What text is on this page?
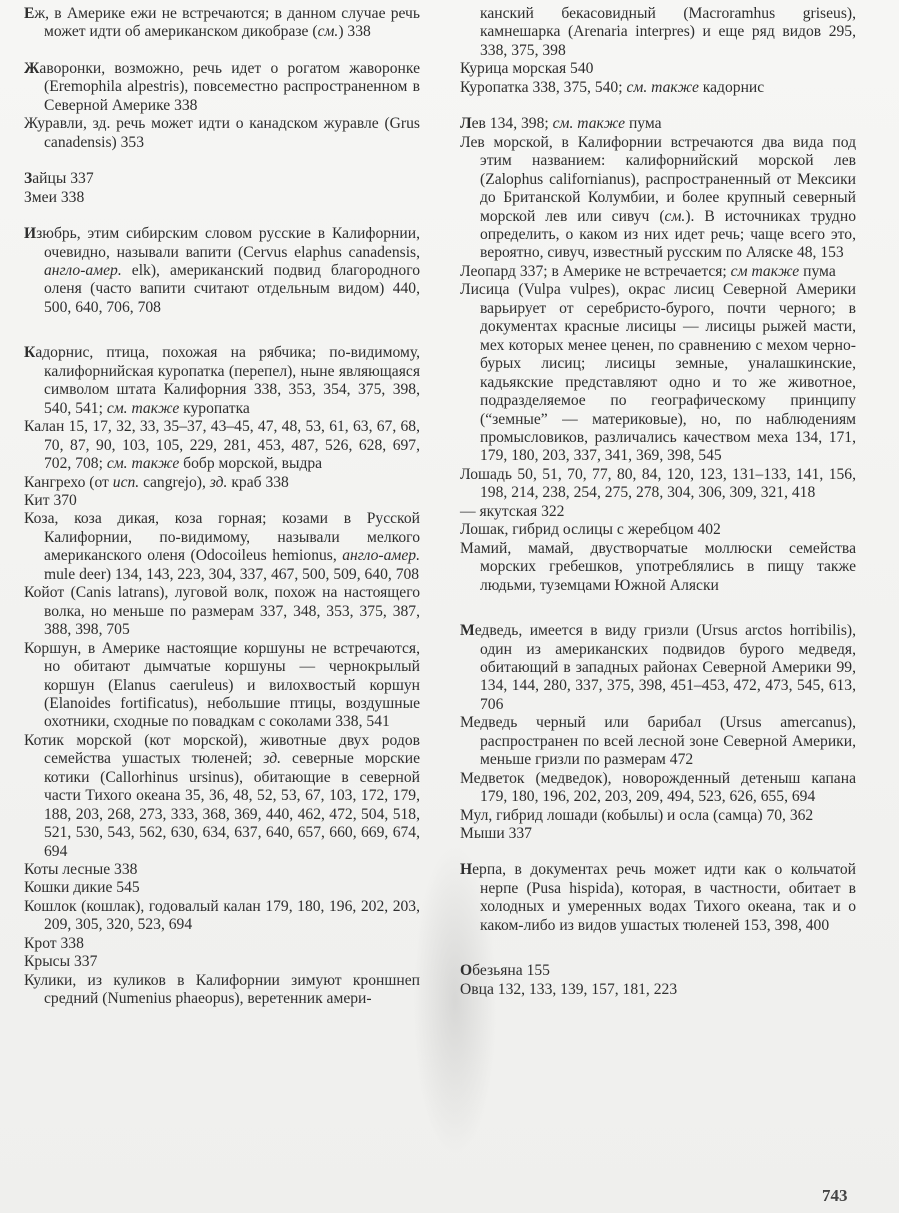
Еж, в Америке ежи не встречаются; в данном случае речь может идти об американском дикобразе (см.) 338
Жаворонки, возможно, речь идет о рогатом жаворонке (Eremophila alpestris), повсеместно распространенном в Северной Америке 338
Журавли, зд. речь может идти о канадском журавле (Grus canadensis) 353
Зайцы 337
Змеи 338
Изюбрь, этим сибирским словом русские в Калифорнии, очевидно, называли вапити (Cervus elaphus canadensis, англо-амер. elk), американский подвид благородного оленя (часто вапити считают отдельным видом) 440, 500, 640, 706, 708
Кадорнис, птица, похожая на рябчика; по-видимому, калифорнийская куропатка (перепел), ныне являющаяся символом штата Калифорния 338, 353, 354, 375, 398, 540, 541; см. также куропатка
Калан 15, 17, 32, 33, 35–37, 43–45, 47, 48, 53, 61, 63, 67, 68, 70, 87, 90, 103, 105, 229, 281, 453, 487, 526, 628, 697, 702, 708; см. также бобр морской, выдра
Кангрехо (от исп. cangrejo), зд. краб 338
Кит 370
Коза, коза дикая, коза горная; козами в Русской Калифорнии, по-видимому, называли мелкого американского оленя (Odocoileus hemionus, англо-амер. mule deer) 134, 143, 223, 304, 337, 467, 500, 509, 640, 708
Койот (Canis latrans), луговой волк, похож на настоящего волка, но меньше по размерам 337, 348, 353, 375, 387, 388, 398, 705
Коршун, в Америке настоящие коршуны не встречаются, но обитают дымчатые коршуны — чернокрылый коршун (Elanus caeruleus) и вилохвостый коршун (Elanoides fortificatus), небольшие птицы, воздушные охотники, сходные по повадкам с соколами 338, 541
Котик морской (кот морской), животные двух родов семейства ушастых тюленей; зд. северные морские котики (Callorhinus ursinus), обитающие в северной части Тихого океана 35, 36, 48, 52, 53, 67, 103, 172, 179, 188, 203, 268, 273, 333, 368, 369, 440, 462, 472, 504, 518, 521, 530, 543, 562, 630, 634, 637, 640, 657, 660, 669, 674, 694
Коты лесные 338
Кошки дикие 545
Кошлок (кошлак), годовалый калан 179, 180, 196, 202, 203, 209, 305, 320, 523, 694
Крот 338
Крысы 337
Кулики, из куликов в Калифорнии зимуют кроншнеп средний (Numenius phaeopus), веретенник амери-
канский бекасовидный (Macroramhus griseus), камнешарка (Arenaria interpres) и еще ряд видов 295, 338, 375, 398
Курица морская 540
Куропатка 338, 375, 540; см. также кадорнис
Лев 134, 398; см. также пума
Лев морской, в Калифорнии встречаются два вида под этим названием: калифорнийский морской лев (Zalophus californianus), распространенный от Мексики до Британской Колумбии, и более крупный северный морской лев или сивуч (см.). В источниках трудно определить, о каком из них идет речь; чаще всего это, вероятно, сивуч, известный русским по Аляске 48, 153
Леопард 337; в Америке не встречается; см также пума
Лисица (Vulpa vulpes), окрас лисиц Северной Америки варьирует от серебристо-бурого, почти черного; в документах красные лисицы — лисицы рыжей масти, мех которых менее ценен, по сравнению с мехом черно-бурых лисиц; лисицы земные, уналашкинские, кадьякские представляют одно и то же животное, подразделяемое по географическому принципу (“земные” — материковые), но, по наблюдениям промысловиков, различались качеством меха 134, 171, 179, 180, 203, 337, 341, 369, 398, 545
Лошадь 50, 51, 70, 77, 80, 84, 120, 123, 131–133, 141, 156, 198, 214, 238, 254, 275, 278, 304, 306, 309, 321, 418
— якутская 322
Лошак, гибрид ослицы с жеребцом 402
Мамий, мамай, двустворчатые моллюски семейства морских гребешков, употреблялись в пищу также людьми, туземцами Южной Аляски
Медведь, имеется в виду гризли (Ursus arctos horribilis), один из американских подвидов бурого медведя, обитающий в западных районах Северной Америки 99, 134, 144, 280, 337, 375, 398, 451–453, 472, 473, 545, 613, 706
Медведь черный или барибал (Ursus amercanus), распространен по всей лесной зоне Северной Америки, меньше гризли по размерам 472
Медветок (медведок), новорожденный детеныш капана 179, 180, 196, 202, 203, 209, 494, 523, 626, 655, 694
Мул, гибрид лошади (кобылы) и осла (самца) 70, 362
Мыши 337
Нерпа, в документах речь может идти как о кольчатой нерпе (Pusa hispida), которая, в частности, обитает в холодных и умеренных водах Тихого океана, так и о каком-либо из видов ушастых тюленей 153, 398, 400
Обезьяна 155
Овца 132, 133, 139, 157, 181, 223
743
